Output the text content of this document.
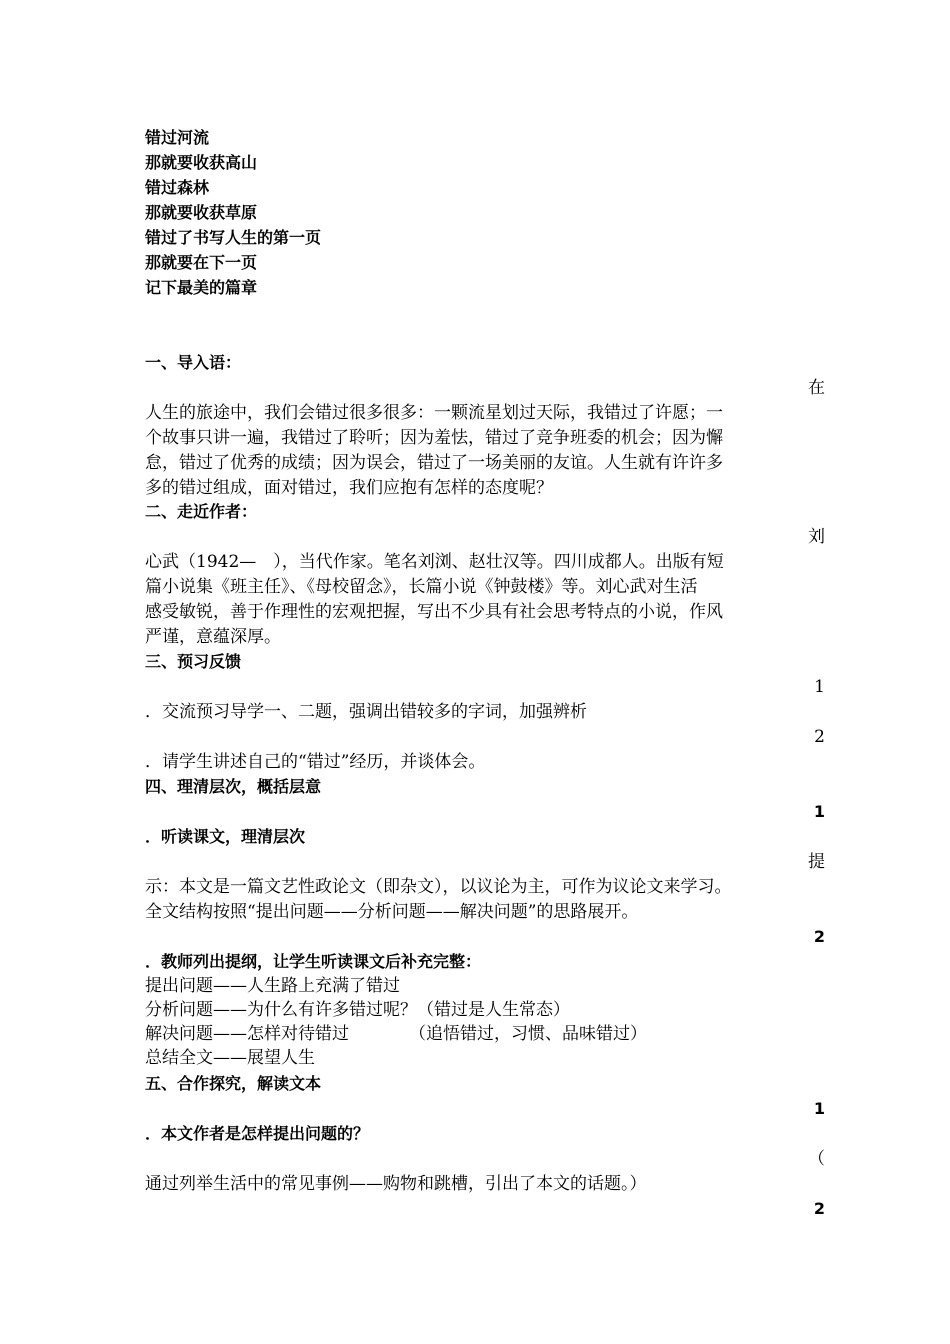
错过河流
那就要收获高山
错过森林
那就要收获草原
错过了书写人生的第一页
那就要在下一页
记下最美的篇章
一、导入语：
在
人生的旅途中，我们会错过很多很多：一颗流星划过天际，我错过了许愿；一
个故事只讲一遍，我错过了聆听；因为羞怯，错过了竞争班委的机会；因为懈
怠，错过了优秀的成绩；因为误会，错过了一场美丽的友谊。人生就有许许多
多的错过组成，面对错过，我们应抱有怎样的态度呢？
二、走近作者：
刘
心武（1942—　），当代作家。笔名刘浏、赵壮汉等。四川成都人。出版有短
篇小说集《班主任》、《母校留念》，长篇小说《钟鼓楼》等。刘心武对生活
感受敏锐，善于作理性的宏观把握，写出不少具有社会思考特点的小说，作风
严谨，意蕴深厚。
三、预习反馈
1
．交流预习导学一、二题，强调出错较多的字词，加强辨析
2
．请学生讲述自己的“错过”经历，并谈体会。
四、理清层次，概括层意
1
．听读课文，理清层次
提
示：本文是一篇文艺性政论文（即杂文），以议论为主，可作为议论文来学习。
全文结构按照“提出问题——分析问题——解决问题”的思路展开。
2
．教师列出提纲，让学生听读课文后补充完整：
提出问题——人生路上充满了错过
分析问题——为什么有许多错过呢？（错过是人生常态）
解决问题——怎样对待错过	（追悟错过，习惯、品味错过）
总结全文——展望人生
五、合作探究，解读文本
1
．本文作者是怎样提出问题的？
（
通过列举生活中的常见事例——购物和跳槽，引出了本文的话题。）
2
